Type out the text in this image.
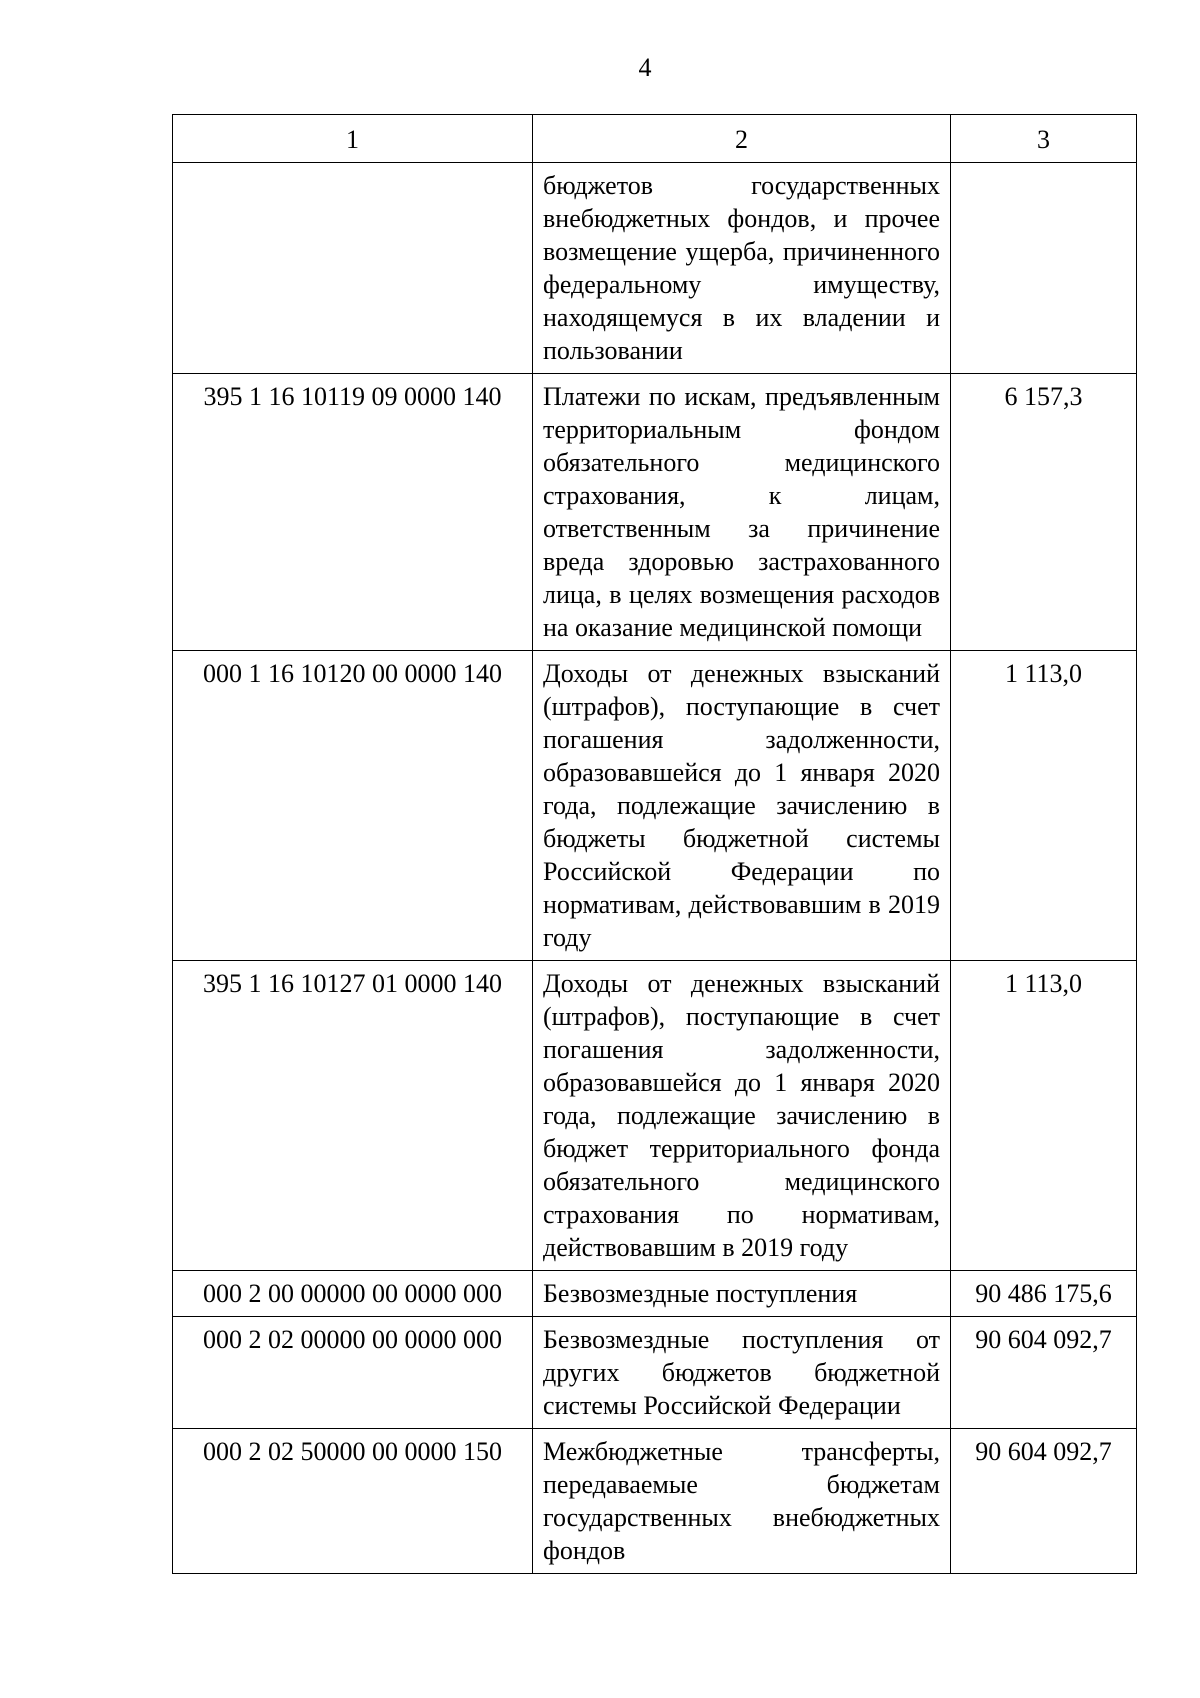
4
1	2	3
	бюджетов государственных внебюджетных фондов, и прочее возмещение ущерба, причиненного федеральному имуществу, находящемуся в их владении и пользовании	
395 1 16 10119 09 0000 140	Платежи по искам, предъявленным территориальным фондом обязательного медицинского страхования, к лицам, ответственным за причинение вреда здоровью застрахованного лица, в целях возмещения расходов на оказание медицинской помощи	6 157,3
000 1 16 10120 00 0000 140	Доходы от денежных взысканий (штрафов), поступающие в счет погашения задолженности, образовавшейся до 1 января 2020 года, подлежащие зачислению в бюджеты бюджетной системы Российской Федерации по нормативам, действовавшим в 2019 году	1 113,0
395 1 16 10127 01 0000 140	Доходы от денежных взысканий (штрафов), поступающие в счет погашения задолженности, образовавшейся до 1 января 2020 года, подлежащие зачислению в бюджет территориального фонда обязательного медицинского страхования по нормативам, действовавшим в 2019 году	1 113,0
000 2 00 00000 00 0000 000	Безвозмездные поступления	90 486 175,6
000 2 02 00000 00 0000 000	Безвозмездные поступления от других бюджетов бюджетной системы Российской Федерации	90 604 092,7
000 2 02 50000 00 0000 150	Межбюджетные трансферты, передаваемые бюджетам государственных внебюджетных фондов	90 604 092,7
